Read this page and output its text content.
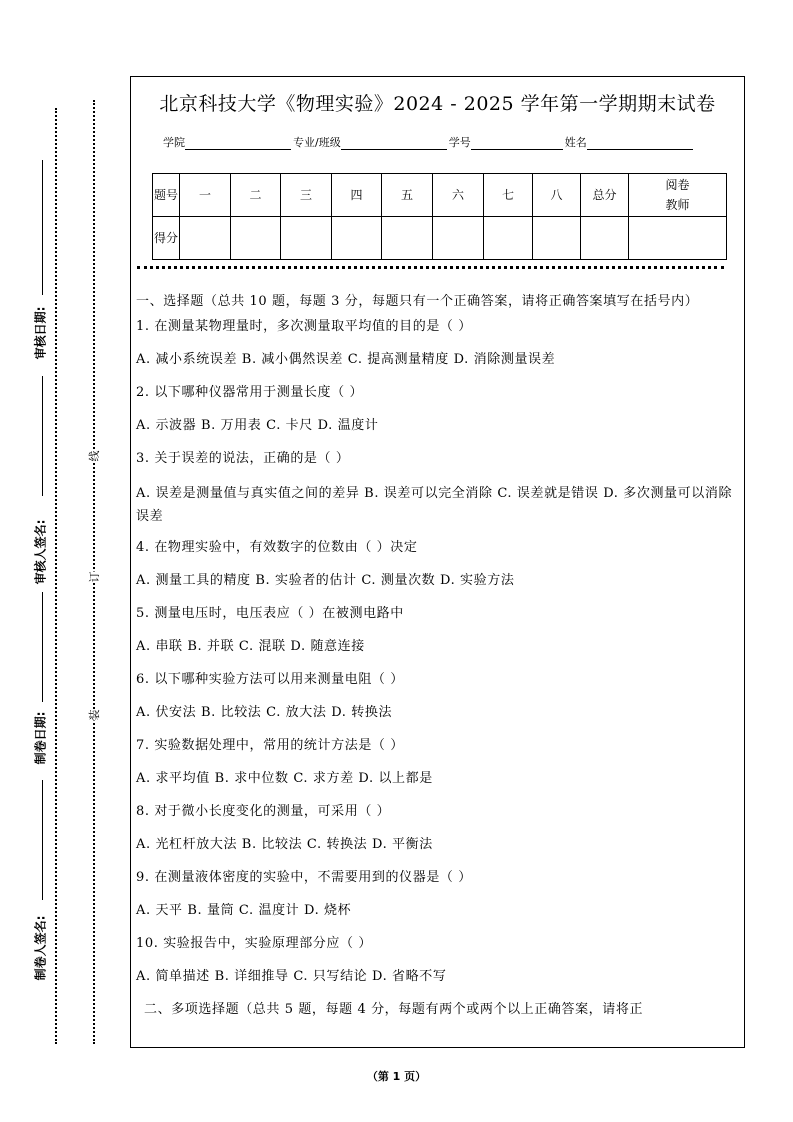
审核日期:
审核人签名:
制卷日期:
制卷人签名:
线
订
装
北京科技大学《物理实验》2024 - 2025 学年第一学期期末试卷
学院	专业/班级	学号	姓名
题号	一	二	三	四	五	六	七	八	总分	阅卷教师
得分										

一、选择题（总共 10 题，每题 3 分，每题只有一个正确答案，请将正确答案填写在括号内）

1. 在测量某物理量时，多次测量取平均值的目的是（ ）

A. 减小系统误差 B. 减小偶然误差 C. 提高测量精度 D. 消除测量误差

2. 以下哪种仪器常用于测量长度（ ）

A. 示波器 B. 万用表 C. 卡尺 D. 温度计

3. 关于误差的说法，正确的是（ ）

A. 误差是测量值与真实值之间的差异 B. 误差可以完全消除 C. 误差就是错误 D. 多次测量可以消除误差

4. 在物理实验中，有效数字的位数由（ ）决定

A. 测量工具的精度 B. 实验者的估计 C. 测量次数 D. 实验方法

5. 测量电压时，电压表应（ ）在被测电路中

A. 串联 B. 并联 C. 混联 D. 随意连接

6. 以下哪种实验方法可以用来测量电阻（ ）

A. 伏安法 B. 比较法 C. 放大法 D. 转换法

7. 实验数据处理中，常用的统计方法是（ ）

A. 求平均值 B. 求中位数 C. 求方差 D. 以上都是

8. 对于微小长度变化的测量，可采用（ ）

A. 光杠杆放大法 B. 比较法 C. 转换法 D. 平衡法

9. 在测量液体密度的实验中，不需要用到的仪器是（ ）

A. 天平 B. 量筒 C. 温度计 D. 烧杯

10. 实验报告中，实验原理部分应（ ）

A. 简单描述 B. 详细推导 C. 只写结论 D. 省略不写

二、多项选择题（总共 5 题，每题 4 分，每题有两个或两个以上正确答案，请将正

（第 1 页）
